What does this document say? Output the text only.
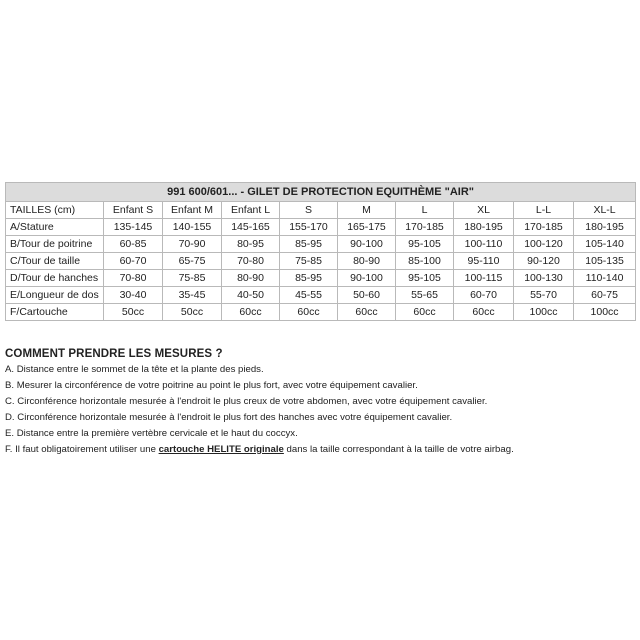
991 600/601... - GILET DE PROTECTION EQUITHÈME "AIR"									
TAILLES (cm)	Enfant S	Enfant M	Enfant L	S	M	L	XL	L-L	XL-L
A/Stature	135-145	140-155	145-165	155-170	165-175	170-185	180-195	170-185	180-195
B/Tour de poitrine	60-85	70-90	80-95	85-95	90-100	95-105	100-110	100-120	105-140
C/Tour de taille	60-70	65-75	70-80	75-85	80-90	85-100	95-110	90-120	105-135
D/Tour de hanches	70-80	75-85	80-90	85-95	90-100	95-105	100-115	100-130	110-140
E/Longueur de dos	30-40	35-45	40-50	45-55	50-60	55-65	60-70	55-70	60-75
F/Cartouche	50cc	50cc	60cc	60cc	60cc	60cc	60cc	100cc	100cc
COMMENT PRENDRE LES MESURES ?
A. Distance entre le sommet de la tête et la plante des pieds.
B. Mesurer la circonférence de votre poitrine au point le plus fort, avec votre équipement cavalier.
C. Circonférence horizontale mesurée à l'endroit le plus creux de votre abdomen, avec votre équipement cavalier.
D. Circonférence horizontale mesurée à l'endroit le plus fort des hanches avec votre équipement cavalier.
E. Distance entre la première vertèbre cervicale et le haut du coccyx.
F. Il faut obligatoirement utiliser une cartouche HELITE originale dans la taille correspondant à la taille de votre airbag.
